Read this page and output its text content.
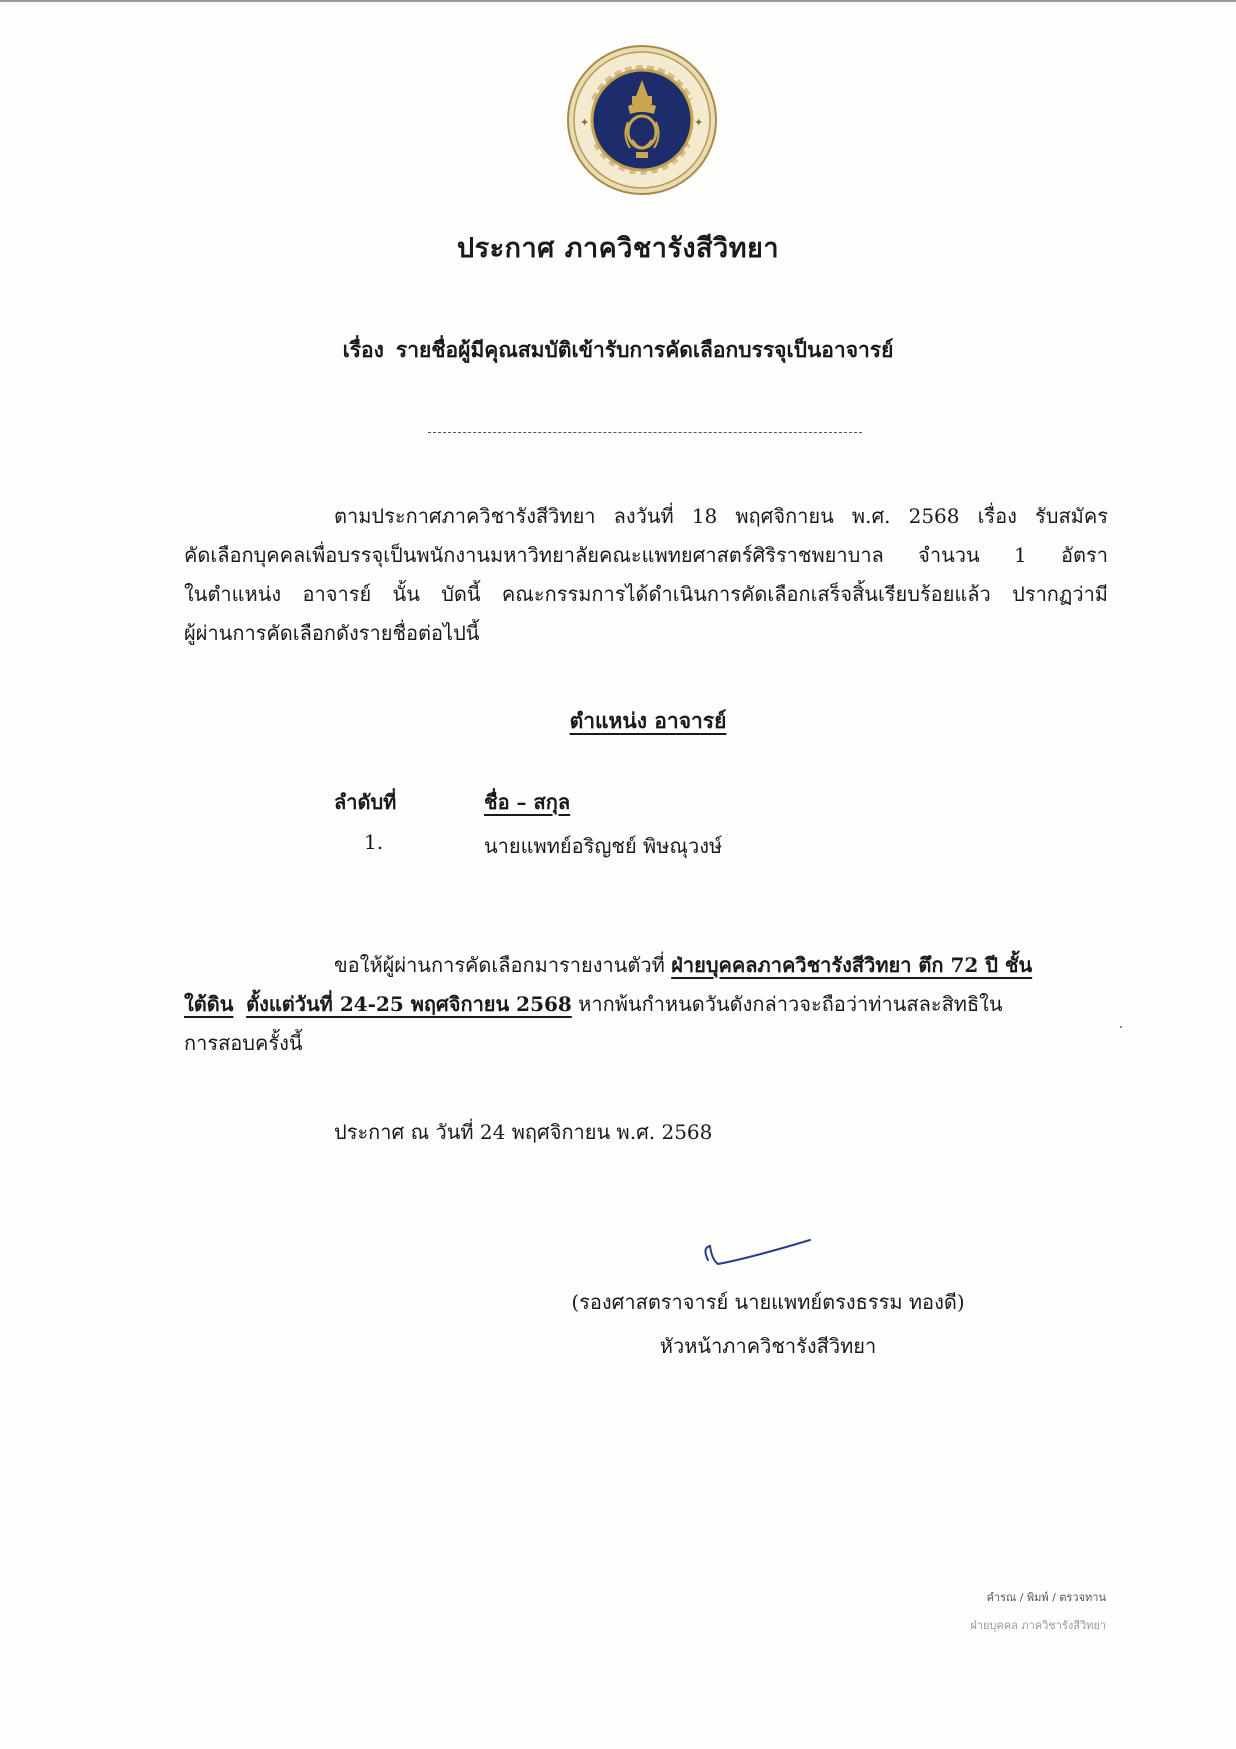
✦	✦
ประกาศ ภาควิชารังสีวิทยา
เรื่อง รายชื่อผู้มีคุณสมบัติเข้ารับการคัดเลือกบรรจุเป็นอาจารย์
ตามประกาศภาควิชารังสีวิทยา ลงวันที่ 18 พฤศจิกายน พ.ศ. 2568 เรื่อง รับสมัคร
คัดเลือกบุคคลเพื่อบรรจุเป็นพนักงานมหาวิทยาลัยคณะแพทยศาสตร์ศิริราชพยาบาล จำนวน 1 อัตรา
ในตำแหน่ง อาจารย์ นั้น บัดนี้ คณะกรรมการได้ดำเนินการคัดเลือกเสร็จสิ้นเรียบร้อยแล้ว ปรากฏว่ามี
ผู้ผ่านการคัดเลือกดังรายชื่อต่อไปนี้
ตำแหน่ง อาจารย์
ลำดับที่	ชื่อ – สกุล
1.	นายแพทย์อริญชย์ พิษณุวงษ์
ขอให้ผู้ผ่านการคัดเลือกมารายงานตัวที่ ฝ่ายบุคคลภาควิชารังสีวิทยา ตึก 72 ปี ชั้น
ใต้ดิน ตั้งแต่วันที่ 24-25 พฤศจิกายน 2568 หากพ้นกำหนดวันดังกล่าวจะถือว่าท่านสละสิทธิใน
การสอบครั้งนี้
ประกาศ ณ วันที่ 24 พฤศจิกายน พ.ศ. 2568
(รองศาสตราจารย์ นายแพทย์ตรงธรรม ทองดี)
หัวหน้าภาควิชารังสีวิทยา
คำรณ / พิมพ์ / ตรวจทาน
ฝ่ายบุคคล ภาควิชารังสีวิทยา
